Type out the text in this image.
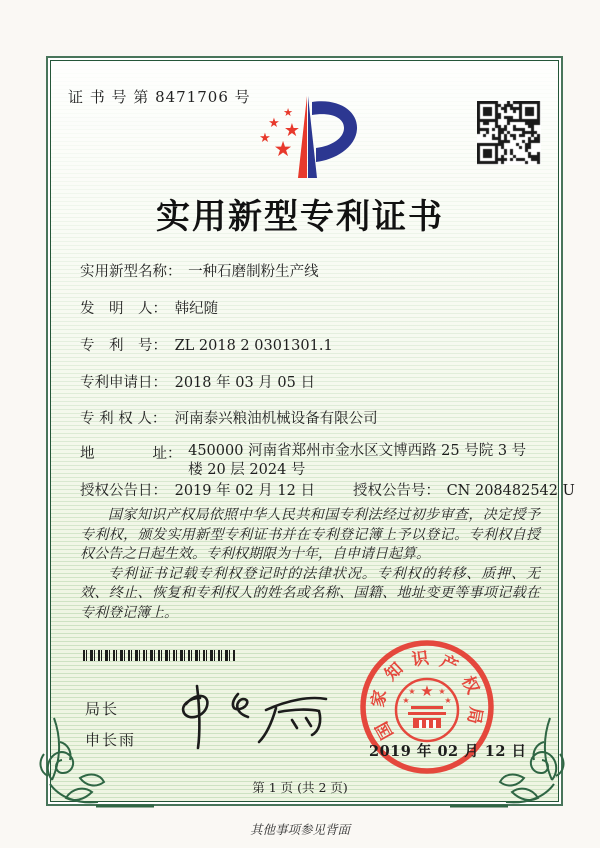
证 书 号 第 8471706 号
★
★ ★
★ ★
实用新型专利证书
实用新型名称： 一种石磨制粉生产线
发　明　人： 韩纪随
专　利　号： ZL 2018 2 0301301.1
专利申请日： 2018 年 03 月 05 日
专 利 权 人： 河南泰兴粮油机械设备有限公司
地　　　　址： 450000 河南省郑州市金水区文博西路 25 号院 3 号楼 20 层 2024 号
授权公告日： 2019 年 02 月 12 日	授权公告号： CN 208482542 U

国家知识产权局依照中华人民共和国专利法经过初步审查，决定授予专利权，颁发实用新型专利证书并在专利登记簿上予以登记。专利权自授权公告之日起生效。专利权期限为十年，自申请日起算。

专利证书记载专利权登记时的法律状况。专利权的转移、质押、无效、终止、恢复和专利权人的姓名或名称、国籍、地址变更等事项记载在专利登记簿上。

局长
申长雨	国
家
知 识 产
权
局
★
★	★
★	★
2019 年 02 月 12 日
第 1 页 (共 2 页)
其他事项参见背面
